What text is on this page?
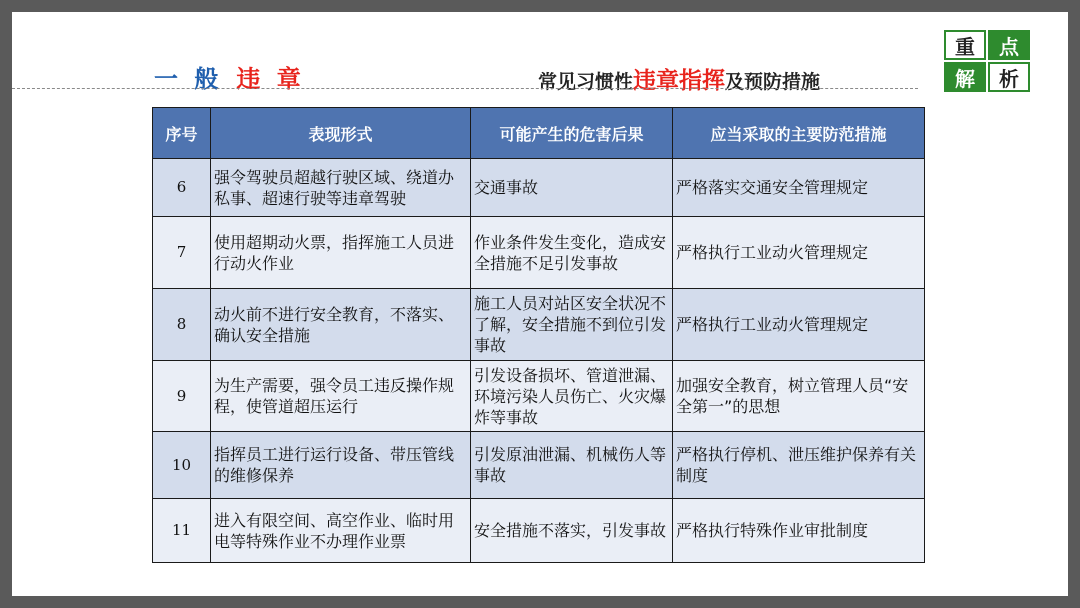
一 般 违 章	常见习惯性违章指挥及预防措施
重	点
解	析
序号	表现形式	可能产生的危害后果	应当采取的主要防范措施
6	强令驾驶员超越行驶区域、绕道办私事、超速行驶等违章驾驶	交通事故	严格落实交通安全管理规定
7	使用超期动火票，指挥施工人员进行动火作业	作业条件发生变化，造成安全措施不足引发事故	严格执行工业动火管理规定
8	动火前不进行安全教育，不落实、确认安全措施	施工人员对站区安全状况不了解，安全措施不到位引发事故	严格执行工业动火管理规定
9	为生产需要，强令员工违反操作规程，使管道超压运行	引发设备损坏、管道泄漏、环境污染人员伤亡、火灾爆炸等事故	加强安全教育，树立管理人员“安全第一”的思想
10	指挥员工进行运行设备、带压管线的维修保养	引发原油泄漏、机械伤人等事故	严格执行停机、泄压维护保养有关制度
11	进入有限空间、高空作业、临时用电等特殊作业不办理作业票	安全措施不落实，引发事故	严格执行特殊作业审批制度
